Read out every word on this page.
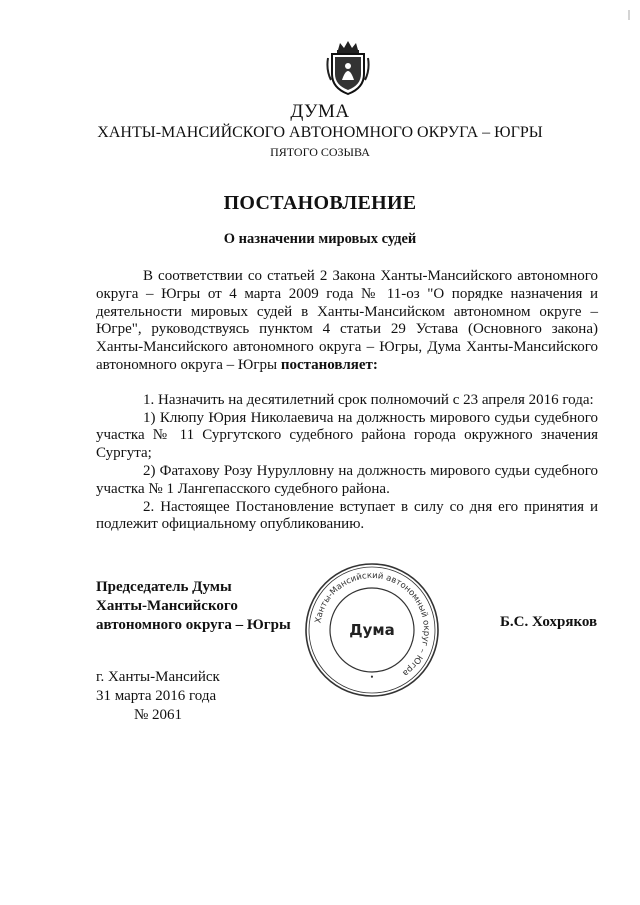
ДУМА
ХАНТЫ-МАНСИЙСКОГО АВТОНОМНОГО ОКРУГА – ЮГРЫ
ПЯТОГО СОЗЫВА
ПОСТАНОВЛЕНИЕ
О назначении мировых судей

В соответствии со статьей 2 Закона Ханты-Мансийского автономного округа – Югры от 4 марта 2009 года № 11-оз "О порядке назначения и деятельности мировых судей в Ханты-Мансийском автономном округе – Югре", руководствуясь пунктом 4 статьи 29 Устава (Основного закона) Ханты-Мансийского автономного округа – Югры, Дума Ханты-Мансийского автономного округа – Югры постановляет:

1. Назначить на десятилетний срок полномочий с 23 апреля 2016 года:

1) Клюпу Юрия Николаевича на должность мирового судьи судебного участка № 11 Сургутского судебного района города окружного значения Сургута;

2) Фатахову Розу Нурулловну на должность мирового судьи судебного участка № 1 Лангепасского судебного района.

2. Настоящее Постановление вступает в силу со дня его принятия и подлежит официальному опубликованию.

Председатель Думы
Ханты-Мансийского
автономного округа – Югры	Ханты-Мансийский автономный округ – Югра
Дума
•
Б.С. Хохряков
г. Ханты-Мансийск
31 марта 2016 года
№ 2061
